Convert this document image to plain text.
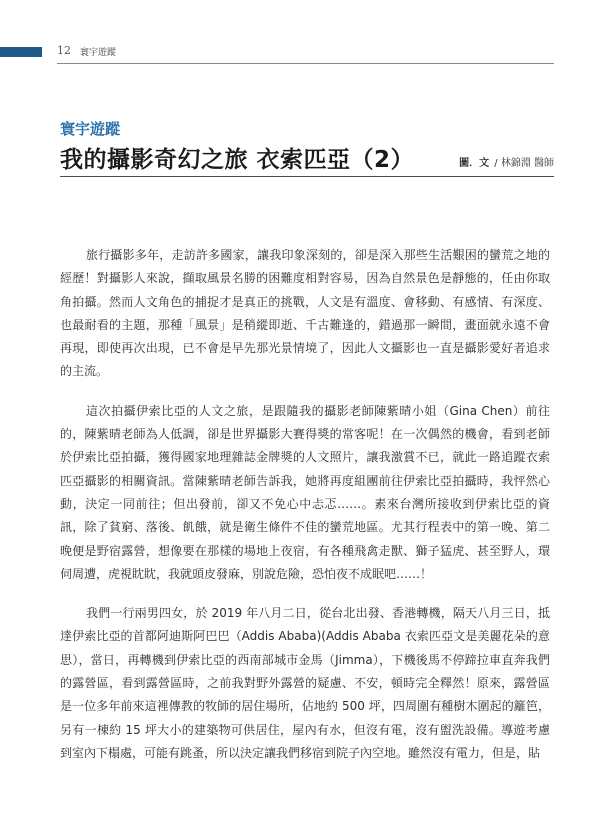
12 寰宇遊蹤
寰宇遊蹤
我的攝影奇幻之旅 衣索匹亞（2）	圖．文 / 林錦淵 醫師

旅行攝影多年，走訪許多國家，讓我印象深刻的，卻是深入那些生活艱困的蠻荒之地的經歷！對攝影人來說，擷取風景名勝的困難度相對容易，因為自然景色是靜態的，任由你取角拍攝。然而人文角色的捕捉才是真正的挑戰，人文是有溫度、會移動、有感情、有深度、也最耐看的主題，那種「風景」是稍縱即逝、千古難逢的，錯過那一瞬間，畫面就永遠不會再現，即使再次出現，已不會是早先那光景情境了，因此人文攝影也一直是攝影愛好者追求的主流。

這次拍攝伊索比亞的人文之旅，是跟隨我的攝影老師陳紫晴小姐（Gina Chen）前往的，陳紫晴老師為人低調，卻是世界攝影大賽得獎的常客呢！在一次偶然的機會，看到老師於伊索比亞拍攝，獲得國家地理雜誌金牌獎的人文照片，讓我激賞不已，就此一路追蹤衣索匹亞攝影的相關資訊。當陳紫晴老師告訴我，她將再度組團前往伊索比亞拍攝時，我怦然心動，決定一同前往；但出發前，卻又不免心中忐忑……。素來台灣所接收到伊索比亞的資訊，除了貧窮、落後、飢餓，就是衛生條件不佳的蠻荒地區。尤其行程表中的第一晚、第二晚便是野宿露營，想像要在那樣的場地上夜宿，有各種飛禽走獸、獅子猛虎、甚至野人，環伺周遭，虎視眈眈，我就頭皮發麻，別說危險，恐怕夜不成眠吧……！

我們一行兩男四女，於 2019 年八月二日，從台北出發、香港轉機，隔天八月三日，抵達伊索比亞的首都阿迪斯阿巴巴（Addis Ababa)(Addis Ababa 衣索匹亞文是美麗花朵的意思），當日，再轉機到伊索比亞的西南部城市金馬（Jimma），下機後馬不停蹄拉車直奔我們的露營區，看到露營區時，之前我對野外露營的疑慮、不安，頓時完全釋然！原來，露營區是一位多年前來這裡傳教的牧師的居住場所，佔地約 500 坪，四周圍有種樹木圍起的籬笆，另有一棟約 15 坪大小的建築物可供居住，屋內有水，但沒有電，沒有盥洗設備。導遊考慮到室內下榻處，可能有跳蚤，所以決定讓我們移宿到院子內空地。雖然沒有電力，但是，貼
